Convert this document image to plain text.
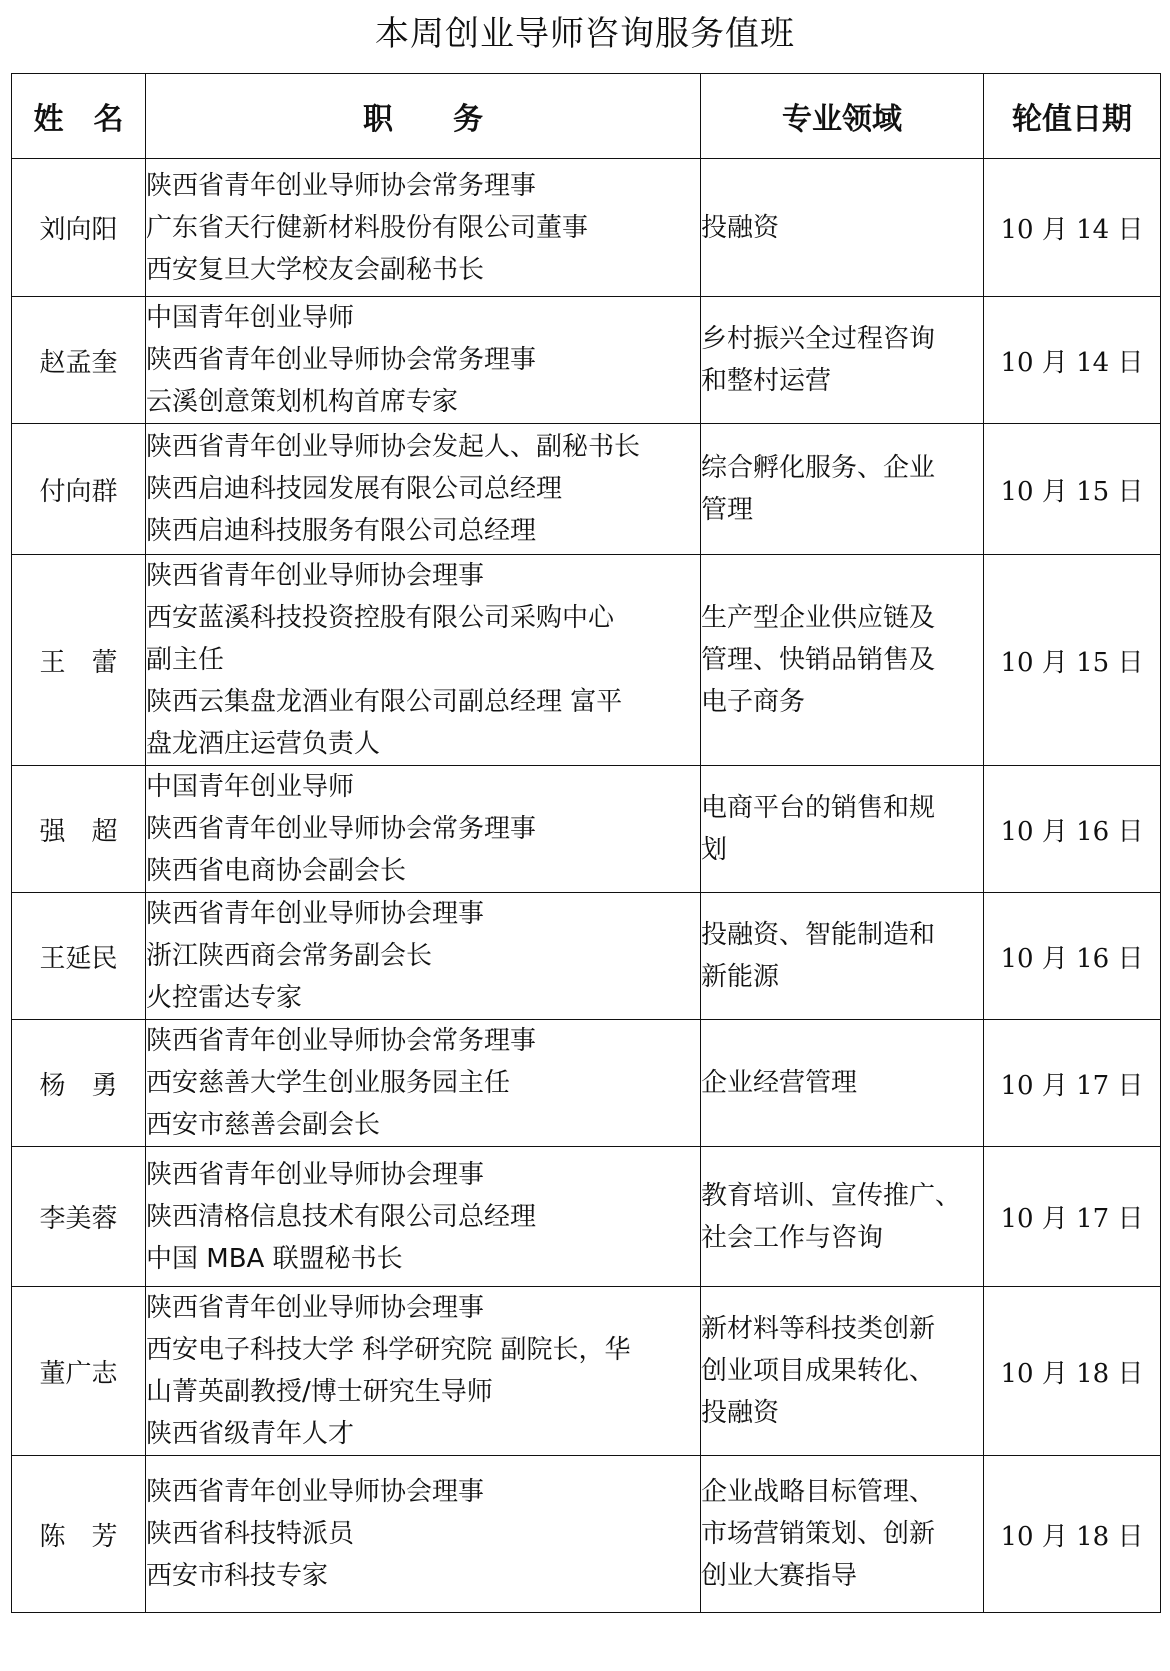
本周创业导师咨询服务值班
姓　名	职　　务	专业领域	轮值日期
刘向阳	陕西省青年创业导师协会常务理事
广东省天行健新材料股份有限公司董事
西安复旦大学校友会副秘书长	投融资	10 月 14 日
赵孟奎	中国青年创业导师
陕西省青年创业导师协会常务理事
云溪创意策划机构首席专家	乡村振兴全过程咨询
和整村运营	10 月 14 日
付向群	陕西省青年创业导师协会发起人、副秘书长
陕西启迪科技园发展有限公司总经理
陕西启迪科技服务有限公司总经理	综合孵化服务、企业
管理	10 月 15 日
王　蕾	陕西省青年创业导师协会理事
西安蓝溪科技投资控股有限公司采购中心
副主任
陕西云集盘龙酒业有限公司副总经理 富平
盘龙酒庄运营负责人	生产型企业供应链及
管理、快销品销售及
电子商务	10 月 15 日
强　超	中国青年创业导师
陕西省青年创业导师协会常务理事
陕西省电商协会副会长	电商平台的销售和规
划	10 月 16 日
王延民	陕西省青年创业导师协会理事
浙江陕西商会常务副会长
火控雷达专家	投融资、智能制造和
新能源	10 月 16 日
杨　勇	陕西省青年创业导师协会常务理事
西安慈善大学生创业服务园主任
西安市慈善会副会长	企业经营管理	10 月 17 日
李美蓉	陕西省青年创业导师协会理事
陕西清格信息技术有限公司总经理
中国 MBA 联盟秘书长	教育培训、宣传推广、
社会工作与咨询	10 月 17 日
董广志	陕西省青年创业导师协会理事
西安电子科技大学 科学研究院 副院长，华
山菁英副教授/博士研究生导师
陕西省级青年人才	新材料等科技类创新
创业项目成果转化、
投融资	10 月 18 日
陈　芳	陕西省青年创业导师协会理事
陕西省科技特派员
西安市科技专家	企业战略目标管理、
市场营销策划、创新
创业大赛指导	10 月 18 日
